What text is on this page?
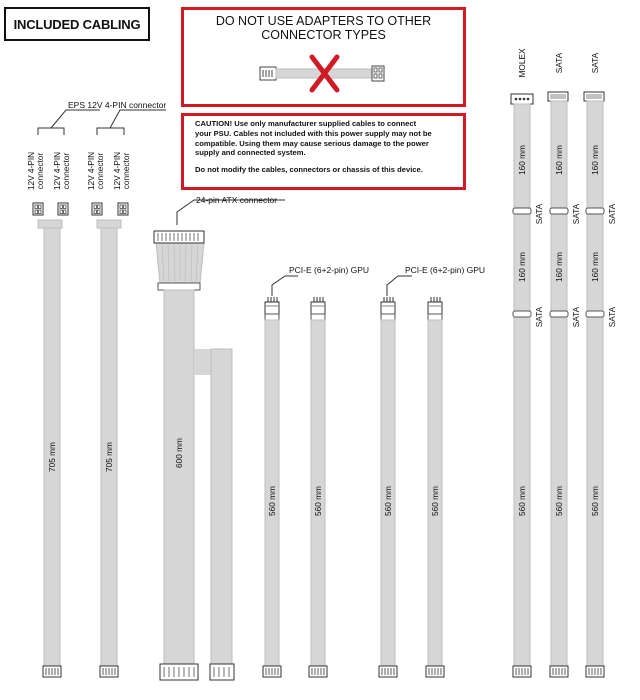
INCLUDED CABLING	DO NOT USE ADAPTERS TO OTHER
CONNECTOR TYPES

CAUTION! Use only manufacturer supplied cables to connect

your PSU. Cables not included with this power supply may not be

compatible. Using them may cause serious damage to the power

supply and connected system.

Do not modify the cables, connectors or chassis of this device.

EPS 12V 4-PIN connector
24-pin ATX connector
PCI-E (6+2-pin) GPU	PCI-E (6+2-pin) GPU
12V 4-PIN connector 12V 4-PIN connector 12V 4-PIN connector 12V 4-PIN connector
MOLEX	SATA	SATA
SATA
SATA
SATA
SATA
SATA
SATA
705 mm	705 mm	600 mm
560 mm	560 mm	560 mm	560 mm
160 mm	160 mm	160 mm
160 mm	160 mm	160 mm
560 mm	560 mm	560 mm
